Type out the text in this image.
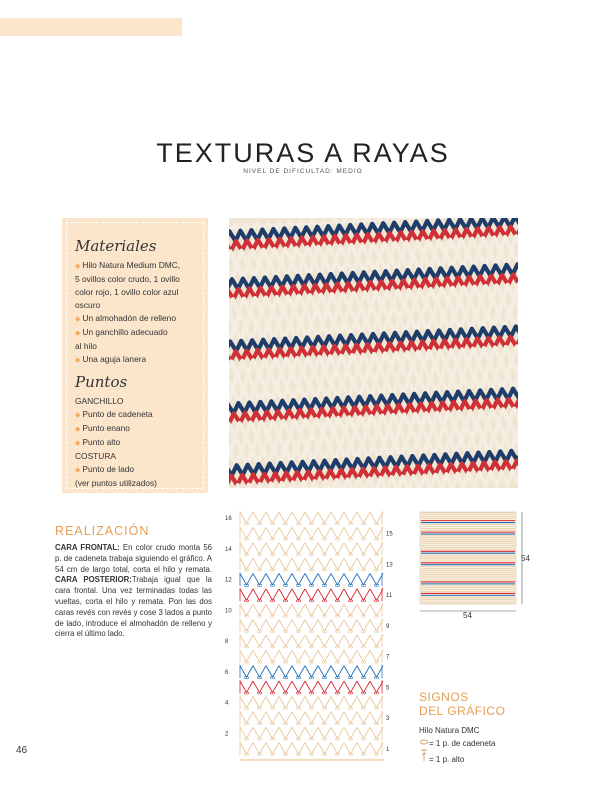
TEXTURAS A RAYAS
NIVEL DE DIFICULTAD: MEDIO
Materiales
◆ Hilo Natura Medium DMC,
5 ovillos color crudo, 1 ovillo
color rojo, 1 ovillo color azul
oscuro
◆ Un almohadón de relleno
◆ Un ganchillo adecuado
al hilo
◆ Una aguja lanera
Puntos
GANCHILLO
◆ Punto de cadeneta
◆ Punto enano
◆ Punto alto
COSTURA
◆ Punto de lado
(ver puntos utilizados)
REALIZACIÓN
CARA FRONTAL: En color crudo monta 56 p. de cadeneta trabaja siguiendo el gráfico. A 54 cm de largo total, corta el hilo y remata. CARA POSTERIOR:Trabaja igual que la cara frontal. Una vez terminadas todas las vueltas, corta el hilo y remata. Pon las dos caras revés con revés y cose 3 lados a punto de lado, introduce el almohadón de relleno y cierra el último lado.
16
14
12
10
8
6
4
2
15
13
11
9
7
5
3
1
54
54
SIGNOS
DEL GRÁFICO
Hilo Natura DMC
= 1 p. de cadeneta
= 1 p. alto
46
